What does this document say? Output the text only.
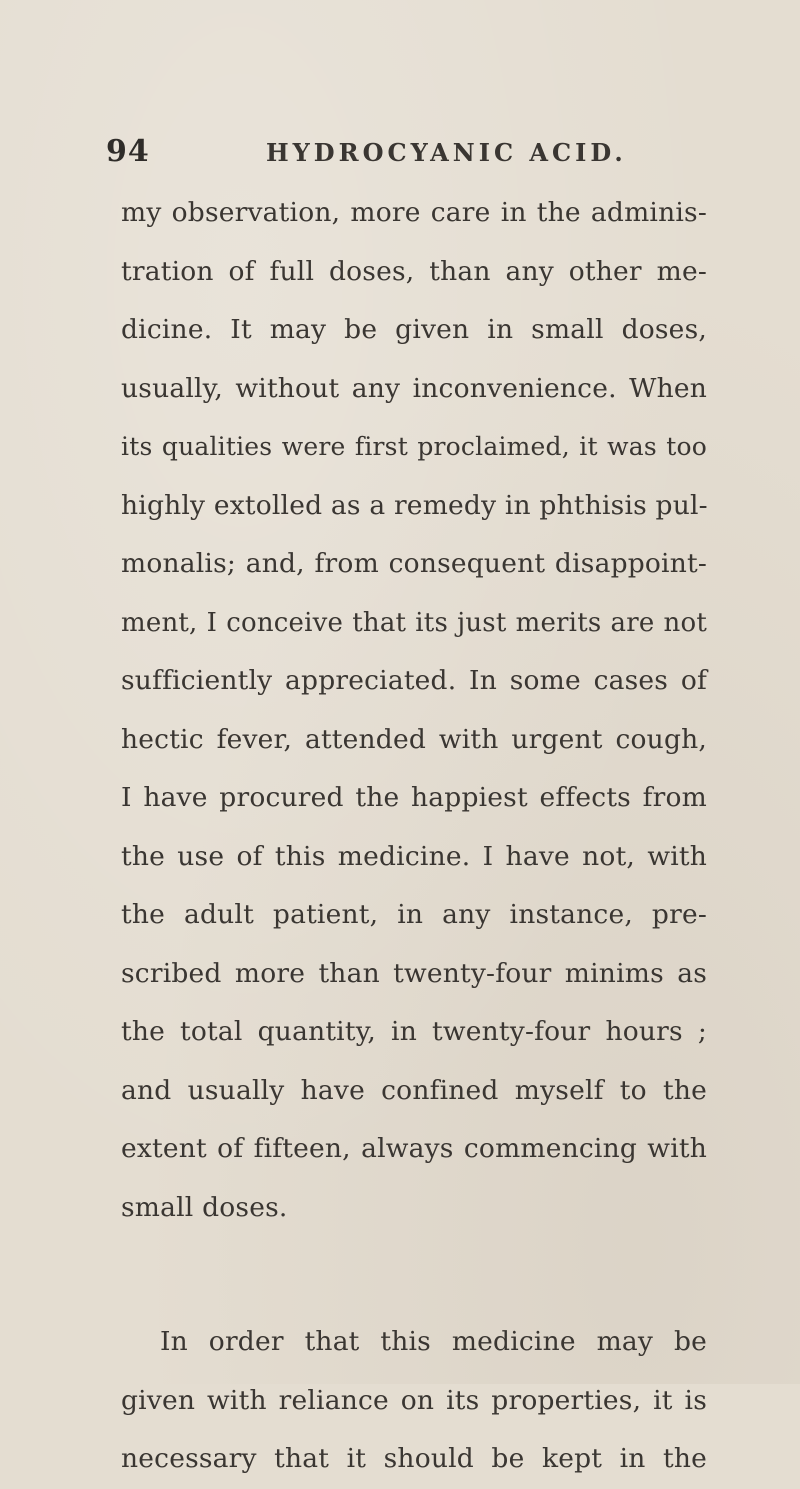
94	HYDROCYANIC ACID.
my observation, more care in the adminis-
tration of full doses, than any other me-
dicine. It may be given in small doses,
usually, without any inconvenience. When
its qualities were first proclaimed, it was too
highly extolled as a remedy in phthisis pul-
monalis; and, from consequent disappoint-
ment, I conceive that its just merits are not
sufficiently appreciated. In some cases of
hectic fever, attended with urgent cough,
I have procured the happiest effects from
the use of this medicine. I have not, with
the adult patient, in any instance, pre-
scribed more than twenty-four minims as
the total quantity, in twenty-four hours ;
and usually have confined myself to the
extent of fifteen, always commencing with
small doses.
In order that this medicine may be
given with reliance on its properties, it is
necessary that it should be kept in the
